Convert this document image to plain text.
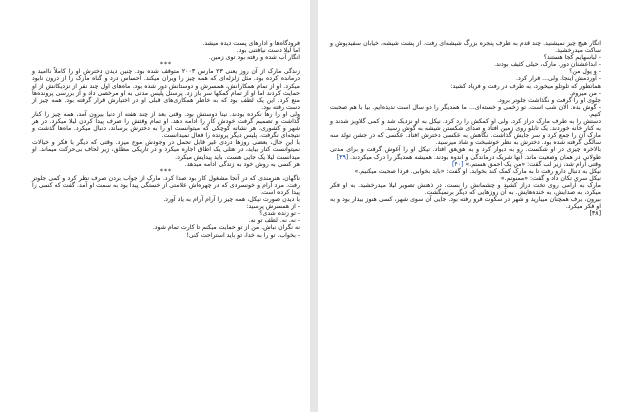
فرودگاه‌ها و ادارهای پست دیده میشد.

اما لیلا دست نیافتنی بود.

انگار آب شده و رفته بود توی زمین.

***

زندگی مارک از آن روز یعنی ۲۳ مارس ۲۰۰۳ متوقف شده بود. چنین دیدن دخترش او را کاملاً ناامید و درمانده کرده بود. مثل زلزله‌ای که همه چیز را ویران میکند. احساس درد و گناه مارک را از درون نابود میکرد. او از تمام همکارانش، همسرش و دوستانش دور شده بود. ماه‌های اول چند نفر از نزدیکانش از او حمایت کردند اما او از تمام کمکها سر باز زد. پرسنل پلیس مدتی به او مرخصی داد و از بررسی پرونده‌ها منع کرد. این یک لطف بود که به خاطر همکاری‌های قبلی او در اختیارش قرار گرفته بود. همه چیز از دست رفته بود.

ولی او را رها نکرده بودند. نینا دوستش بود. وقتی بعد از چند هفته از دنیا بیرون آمد، همه چیز را کنار گذاشت و تصمیم گرفت خودش کار را ادامه دهد. او تمام وقتش را صرف پیدا کردن لیلا میکرد. در هر شهر و کشوری، هر نشانه کوچکی که میتوانست او را به دخترش برساند، دنبال میکرد. ماه‌ها گذشت و نتیجه‌ای نگرفت. پلیس دیگر پرونده را فعال نمیدانست.

با این حال، بعضی روزها دردی غیر قابل تحمل در وجودش موج میزد. وقتی که دیگر با فکر و خیالات نمیتوانست کنار بیاید، در هتلی یک اطاق اجاره میکرد و در تاریکی مطلق، زیر لحاف بی‌حرکت میماند. او میدانست لیلا یک جایی هست. باید پیدایش میکرد.

هر کسی به روش خود به زندگی ادامه میدهد.

***

ناگهان، هنرمندی که در آنجا مشغول کار بود صدا کرد. مارک از جواب بردن صرف نظر کرد و کمی جلوتر رفت. مرد آرام و خونسردی که در چهره‌اش علامتی از خستگی پیدا بود به سمت او آمد. گفت که کسی را پیدا کرده است.

با دیدن صورت نیکل، همه چیز را آرام آرام به یاد آورد.

- از همسرش پرسید:

- تو زنده شدی؟

- نه. نه. لطف تو نه.

نه نگران نباش. من از تو حمایت میکنم تا کارت تمام شود.

- بخواب. تو را به خدا، تو باید استراحت کنی!

انگار هیچ چیز نمیشنید. چند قدم به طرف پنجره بزرگ شیشه‌ای رفت. از پشت شیشه، خیابان سفیدپوش و ساکت میدرخشید.

- لباسهایم کجا هستند؟

- ابداعشنان دور. مارک، حیلی کثیف بودند.

- و پول من؟

- آوردمش اینجا. ولی... فرار کرد.

همانطور که تلوتلو میخورد، به طرف در رفت و فریاد کشید:

- من میروم.

جلوی او را گرفت و نگذاشت جلوتر برود.

- گوش بده. الان شب است. تو زخمی و خسته‌ای... ما همدیگر را دو سال است ندیده‌ایم. بیا با هم صحبت کنیم.

دستش را به طرف مارک دراز کرد. ولی او کمکش را رد کرد. نیکل به او نزدیک شد و کمی گلاویز شدند و به کنار خانه خوردند. یک تابلو روی زمین افتاد و صدای شکستن شیشه به گوش رسید.

مارک آن را جمع کرد و سر جایش گذاشت. نگاهش به عکسی دخترش افتاد. عکسی که در جشن تولد سه سالگی گرفته شده بود. دخترش به نظر خوشبخت و شاد میرسید.

بالاخره چیزی در او شکست. رو به دیوار کرد و به هق‌هق افتاد. نیکل او را آغوش گرفت و برای مدتی طولانی در همان وضعیت ماند. آنها شریک درماندگی و اندوه بودند. همیشه همدیگر را درک میکردند. [۳۹]

وقتی آرام شد، زیر لب گفت: «من یک احمق هستم.» [۴۰]

نیکل به دنبال دارو رفت تا به مارک کمک کند بخوابد. او گفت: «باید بخوابی. فردا صحبت میکنیم.»

نیکل سری تکان داد و گفت: «ممنونم.»

مارک به آرامی روی تخت دراز کشید و چشمانش را بست. در ذهنش تصویر لیلا میدرخشید. به او فکر میکرد، به صدایش، به خنده‌هایش. به آن روزهایی که دیگر برنمیگشت.

بیرون، برف همچنان میبارید و شهر در سکوت فرو رفته بود. جایی آن سوی شهر، کسی هنوز بیدار بود و به او فکر میکرد.

[۳۸]
